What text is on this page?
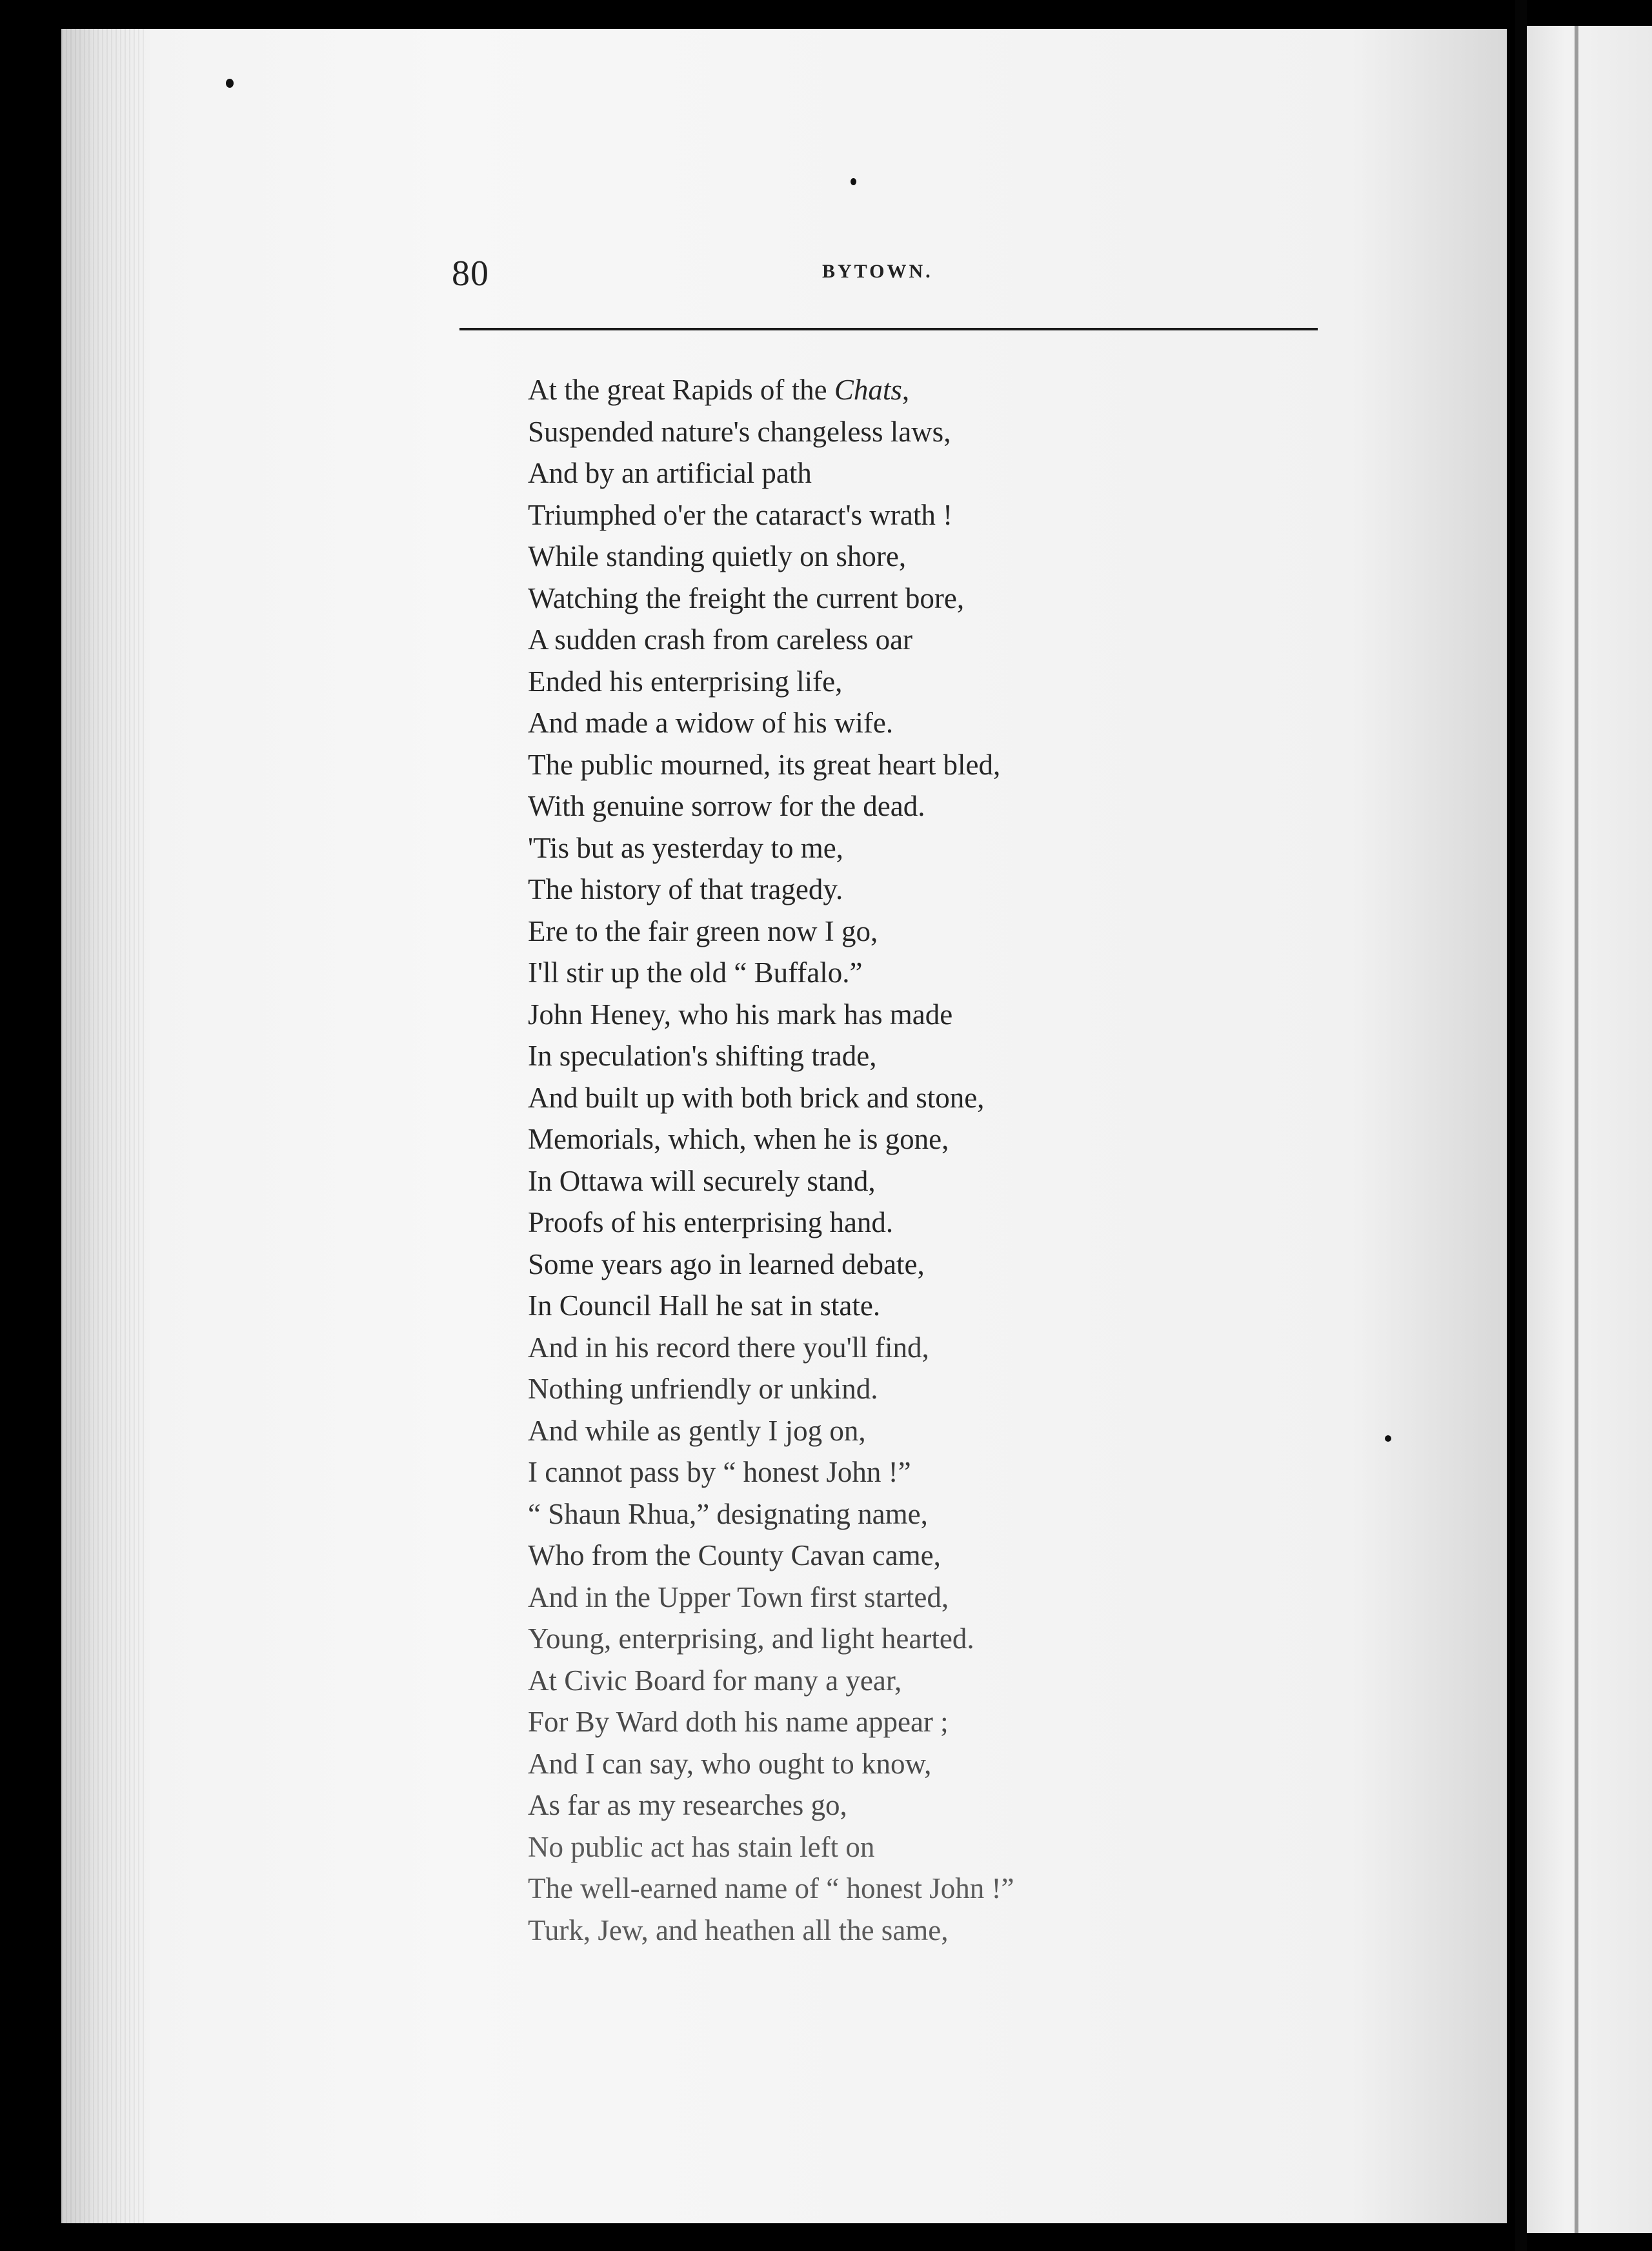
80	BYTOWN.
At the great Rapids of the Chats,
Suspended nature's changeless laws,
And by an artificial path
Triumphed o'er the cataract's wrath !
While standing quietly on shore,
Watching the freight the current bore,
A sudden crash from careless oar
Ended his enterprising life,
And made a widow of his wife.
The public mourned, its great heart bled,
With genuine sorrow for the dead.
'Tis but as yesterday to me,
The history of that tragedy.
Ere to the fair green now I go,
I'll stir up the old “ Buffalo.”
John Heney, who his mark has made
In speculation's shifting trade,
And built up with both brick and stone,
Memorials, which, when he is gone,
In Ottawa will securely stand,
Proofs of his enterprising hand.
Some years ago in learned debate,
In Council Hall he sat in state.
And in his record there you'll find,
Nothing unfriendly or unkind.
And while as gently I jog on,
I cannot pass by “ honest John !”
“ Shaun Rhua,” designating name,
Who from the County Cavan came,
And in the Upper Town first started,
Young, enterprising, and light hearted.
At Civic Board for many a year,
For By Ward doth his name appear ;
And I can say, who ought to know,
As far as my researches go,
No public act has stain left on
The well-earned name of “ honest John !”
Turk, Jew, and heathen all the same,
